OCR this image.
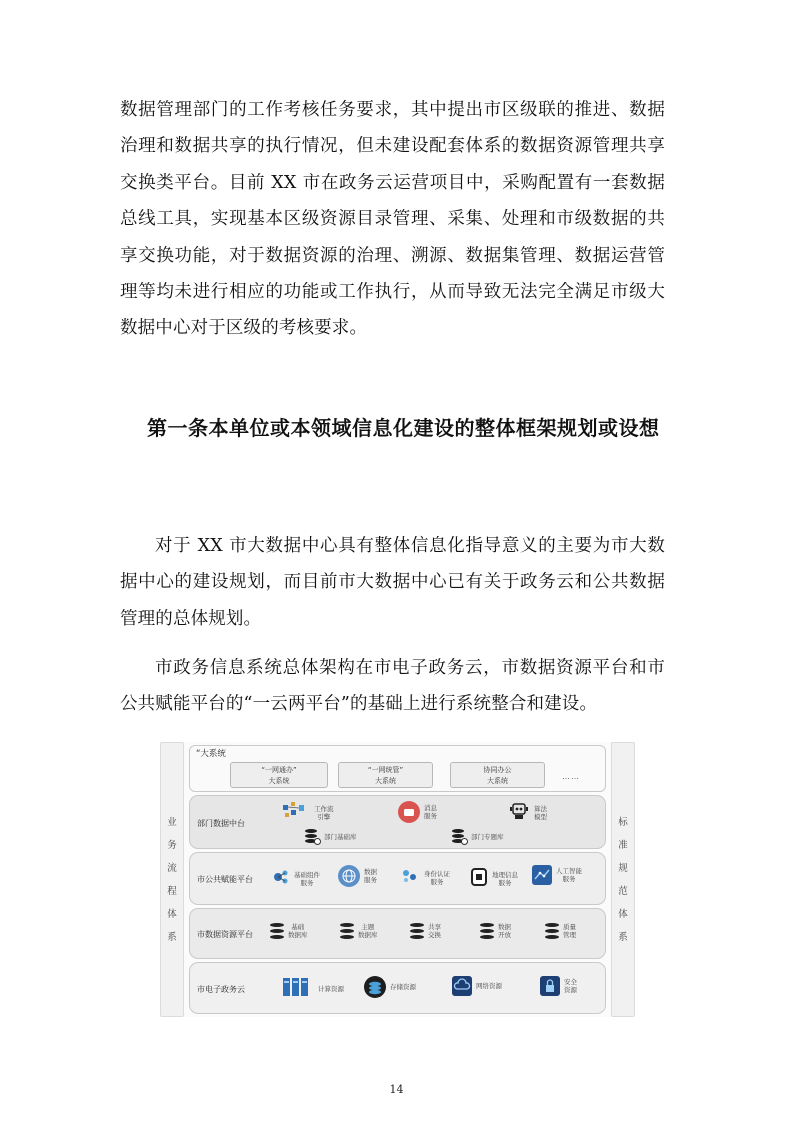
数据管理部门的工作考核任务要求，其中提出市区级联的推进、数据治理和数据共享的执行情况，但未建设配套体系的数据资源管理共享交换类平台。目前 XX 市在政务云运营项目中，采购配置有一套数据总线工具，实现基本区级资源目录管理、采集、处理和市级数据的共享交换功能，对于数据资源的治理、溯源、数据集管理、数据运营管理等均未进行相应的功能或工作执行，从而导致无法完全满足市级大数据中心对于区级的考核要求。

第一条本单位或本领域信息化建设的整体框架规划或设想

对于 XX 市大数据中心具有整体信息化指导意义的主要为市大数据中心的建设规划，而目前市大数据中心已有关于政务云和公共数据管理的总体规划。

市政务信息系统总体架构在市电子政务云，市数据资源平台和市公共赋能平台的“一云两平台”的基础上进行系统整合和建设。

业
务
流
程
体
系
标
准
规
范
体
系
“大系统
“一网通办”
大系统
“一网统管”
大系统
协同办公
大系统	……
部门数据中台
工作流
引擎
消息
服务
算法
模型
部门基础库	部门专题库
市公共赋能平台	基础组件
服务
数据
服务
身份认证
服务
地理信息
服务
人工智能
服务
市数据资源平台
基础
数据库
主题
数据库
共享
交换
数据
开放
质量
管理
市电子政务云	计算资源	存储资源	网络资源	安全
资源
14
